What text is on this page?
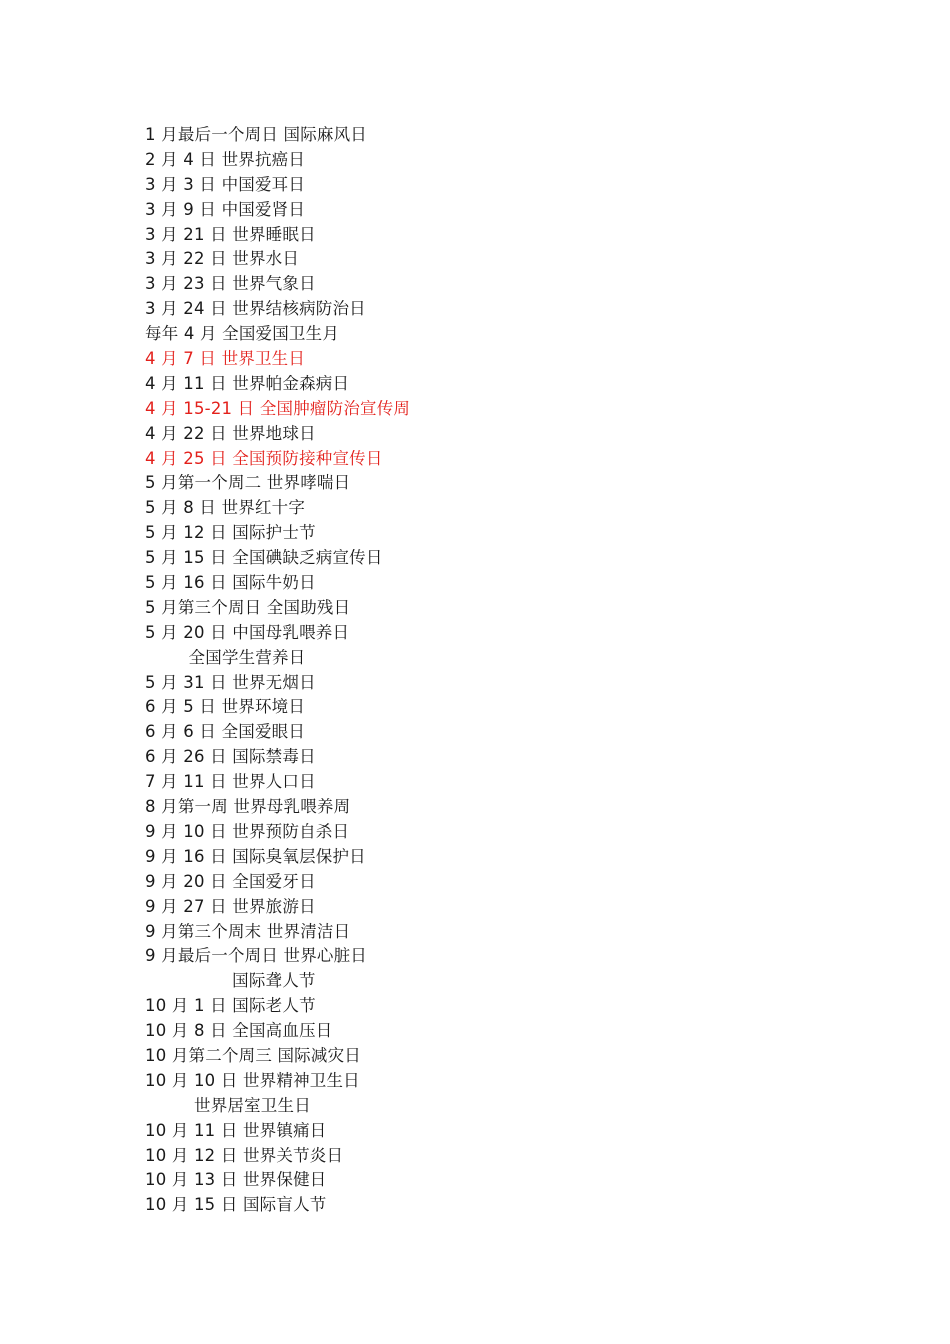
1 月最后一个周日 国际麻风日
2 月 4 日 世界抗癌日
3 月 3 日 中国爱耳日
3 月 9 日 中国爱肾日
3 月 21 日 世界睡眠日
3 月 22 日 世界水日
3 月 23 日 世界气象日
3 月 24 日 世界结核病防治日
每年 4 月 全国爱国卫生月
4 月 7 日 世界卫生日
4 月 11 日 世界帕金森病日
4 月 15-21 日 全国肿瘤防治宣传周
4 月 22 日 世界地球日
4 月 25 日 全国预防接种宣传日
5 月第一个周二 世界哮喘日
5 月 8 日 世界红十字
5 月 12 日 国际护士节
5 月 15 日 全国碘缺乏病宣传日
5 月 16 日 国际牛奶日
5 月第三个周日 全国助残日
5 月 20 日 中国母乳喂养日
全国学生营养日
5 月 31 日 世界无烟日
6 月 5 日 世界环境日
6 月 6 日 全国爱眼日
6 月 26 日 国际禁毒日
7 月 11 日 世界人口日
8 月第一周 世界母乳喂养周
9 月 10 日 世界预防自杀日
9 月 16 日 国际臭氧层保护日
9 月 20 日 全国爱牙日
9 月 27 日 世界旅游日
9 月第三个周末 世界清洁日
9 月最后一个周日 世界心脏日
国际聋人节
10 月 1 日 国际老人节
10 月 8 日 全国高血压日
10 月第二个周三 国际减灾日
10 月 10 日 世界精神卫生日
世界居室卫生日
10 月 11 日 世界镇痛日
10 月 12 日 世界关节炎日
10 月 13 日 世界保健日
10 月 15 日 国际盲人节
